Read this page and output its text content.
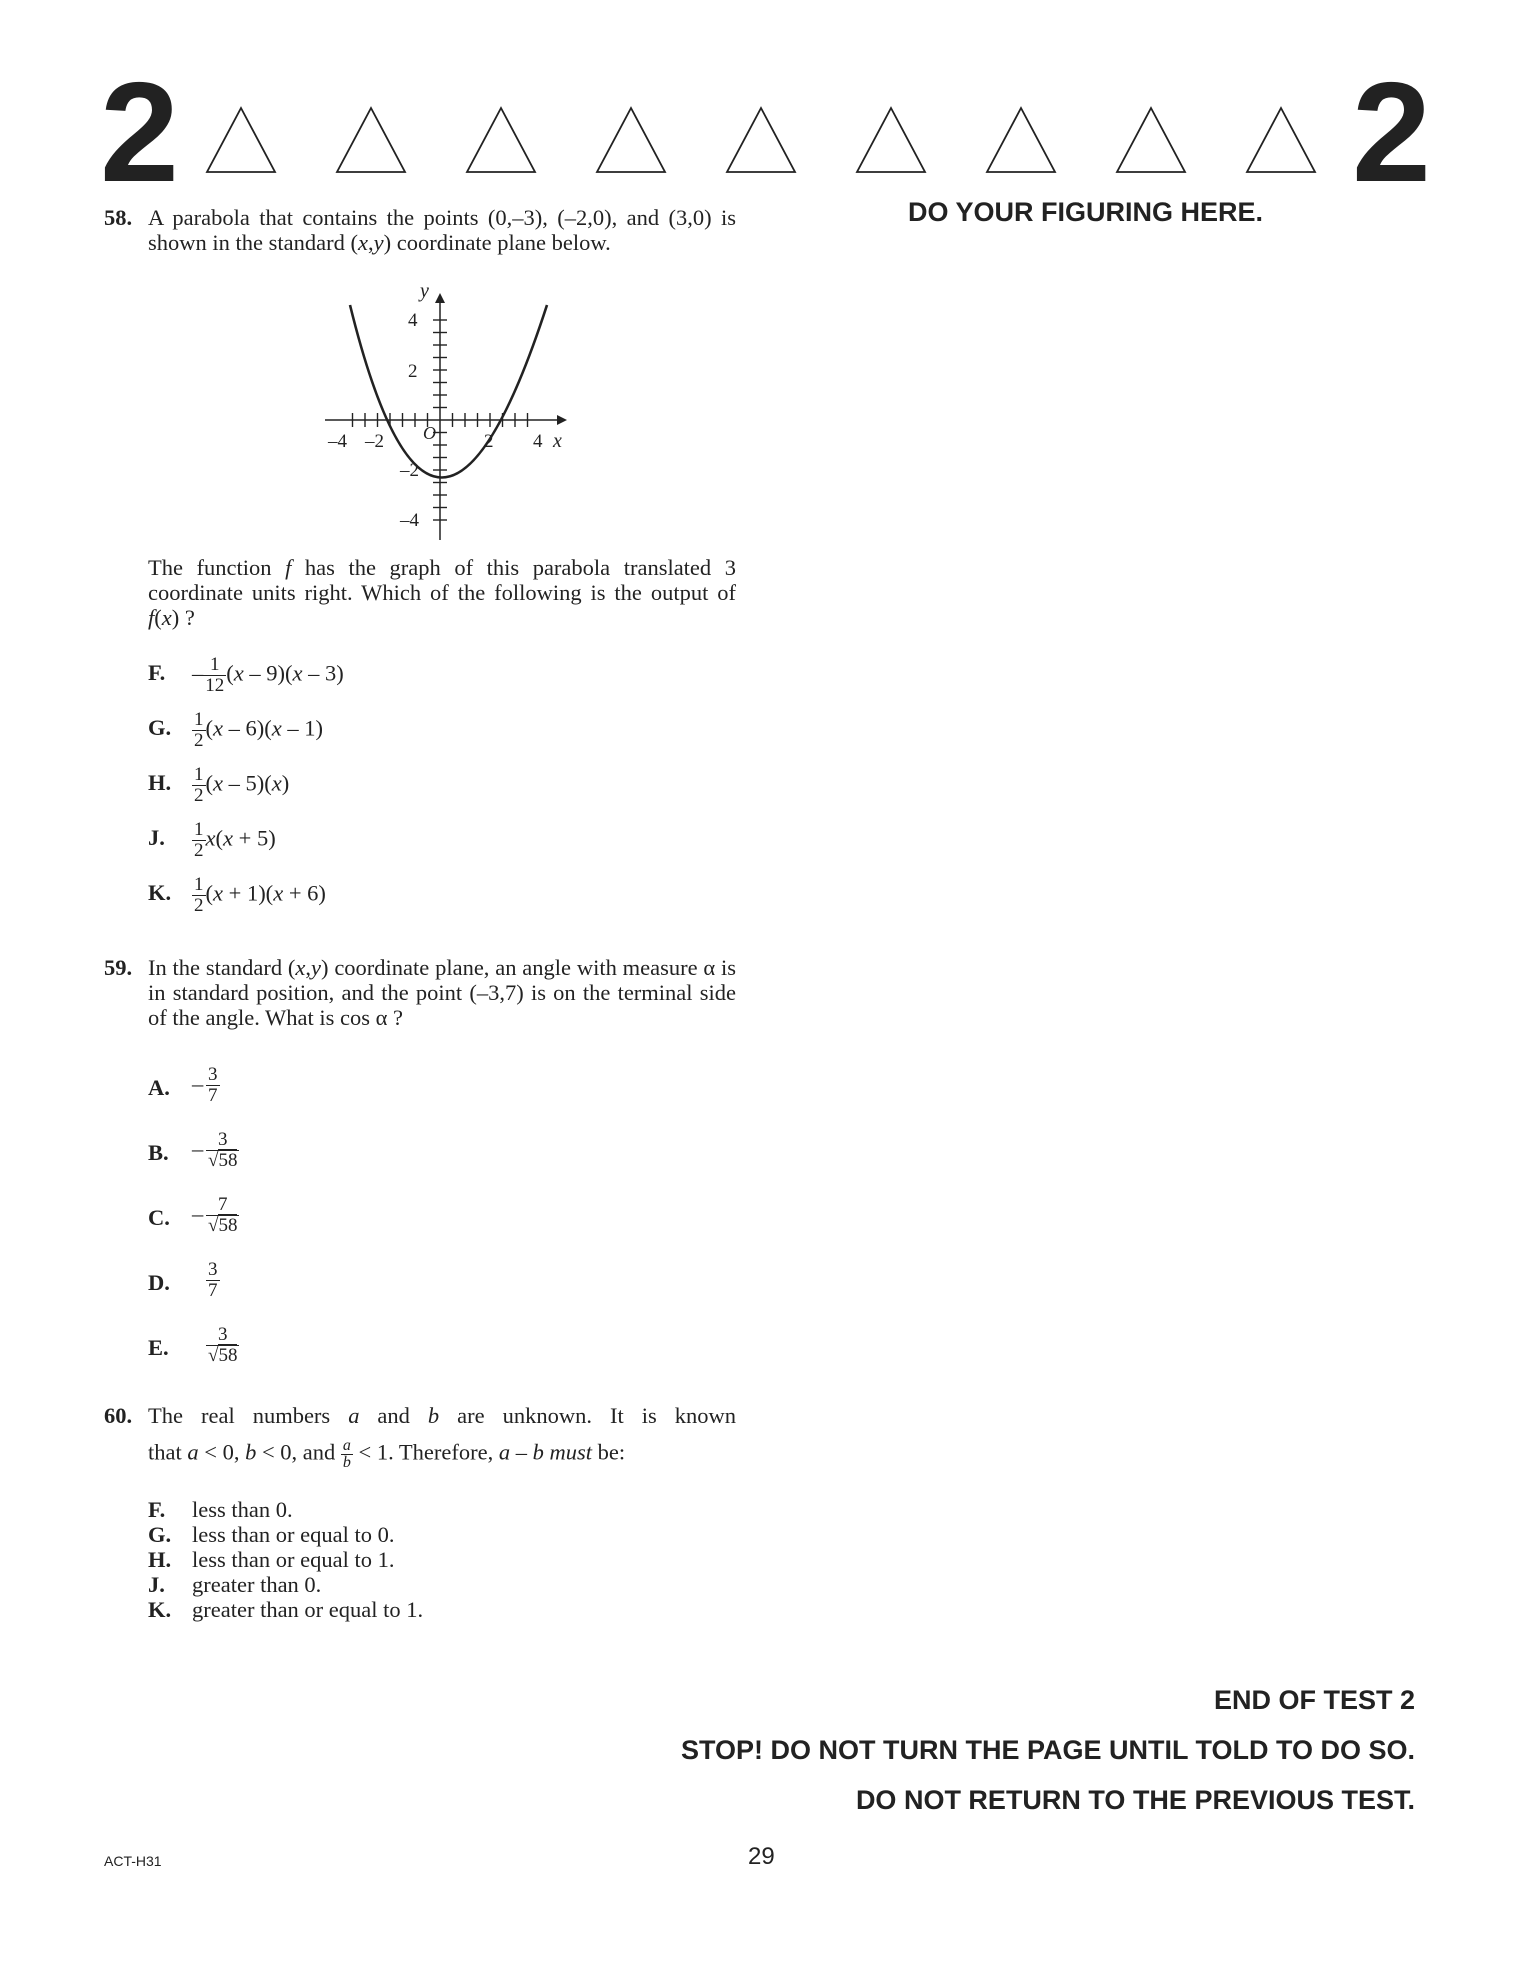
2	2
DO YOUR FIGURING HERE.
58. A parabola that contains the points (0,–3), (–2,0), and (3,0) is shown in the standard (x,y) coordinate plane below.
y
x
O
–4 –2	2 4
4
2
–2
–4
The function f has the graph of this parabola translated 3 coordinate units right. Which of the following is the output of f(x) ?
F. – $\frac{1}{12} (x - 9)(x - 3)$
G. $\frac{1}{2} (x - 6)(x - 1)$
H. $\frac{1}{2} (x - 5)(x)$
J. $\frac{1}{2} x(x + 5)$
K. $\frac{1}{2} (x + 1)(x + 6)$
59. In the standard (x,y) coordinate plane, an angle with measure α is in standard position, and the point (–3,7) is on the terminal side of the angle. What is cos α ?
A. – $\frac{3}{7}$
B. – $\frac{3}{√58}$
C. – $\frac{7}{√58}$
D. $\frac{3}{7}$
E. $\frac{3}{√58}$
60. The real numbers a and b are unknown. It is known
that a < 0, b < 0, and $\frac{a}{b} < 1$. Therefore, a – b must be:
F. less than 0.
G. less than or equal to 0.
H. less than or equal to 1.
J. greater than 0.
K. greater than or equal to 1.
END OF TEST 2
STOP! DO NOT TURN THE PAGE UNTIL TOLD TO DO SO.
DO NOT RETURN TO THE PREVIOUS TEST.
ACT-H31	29
